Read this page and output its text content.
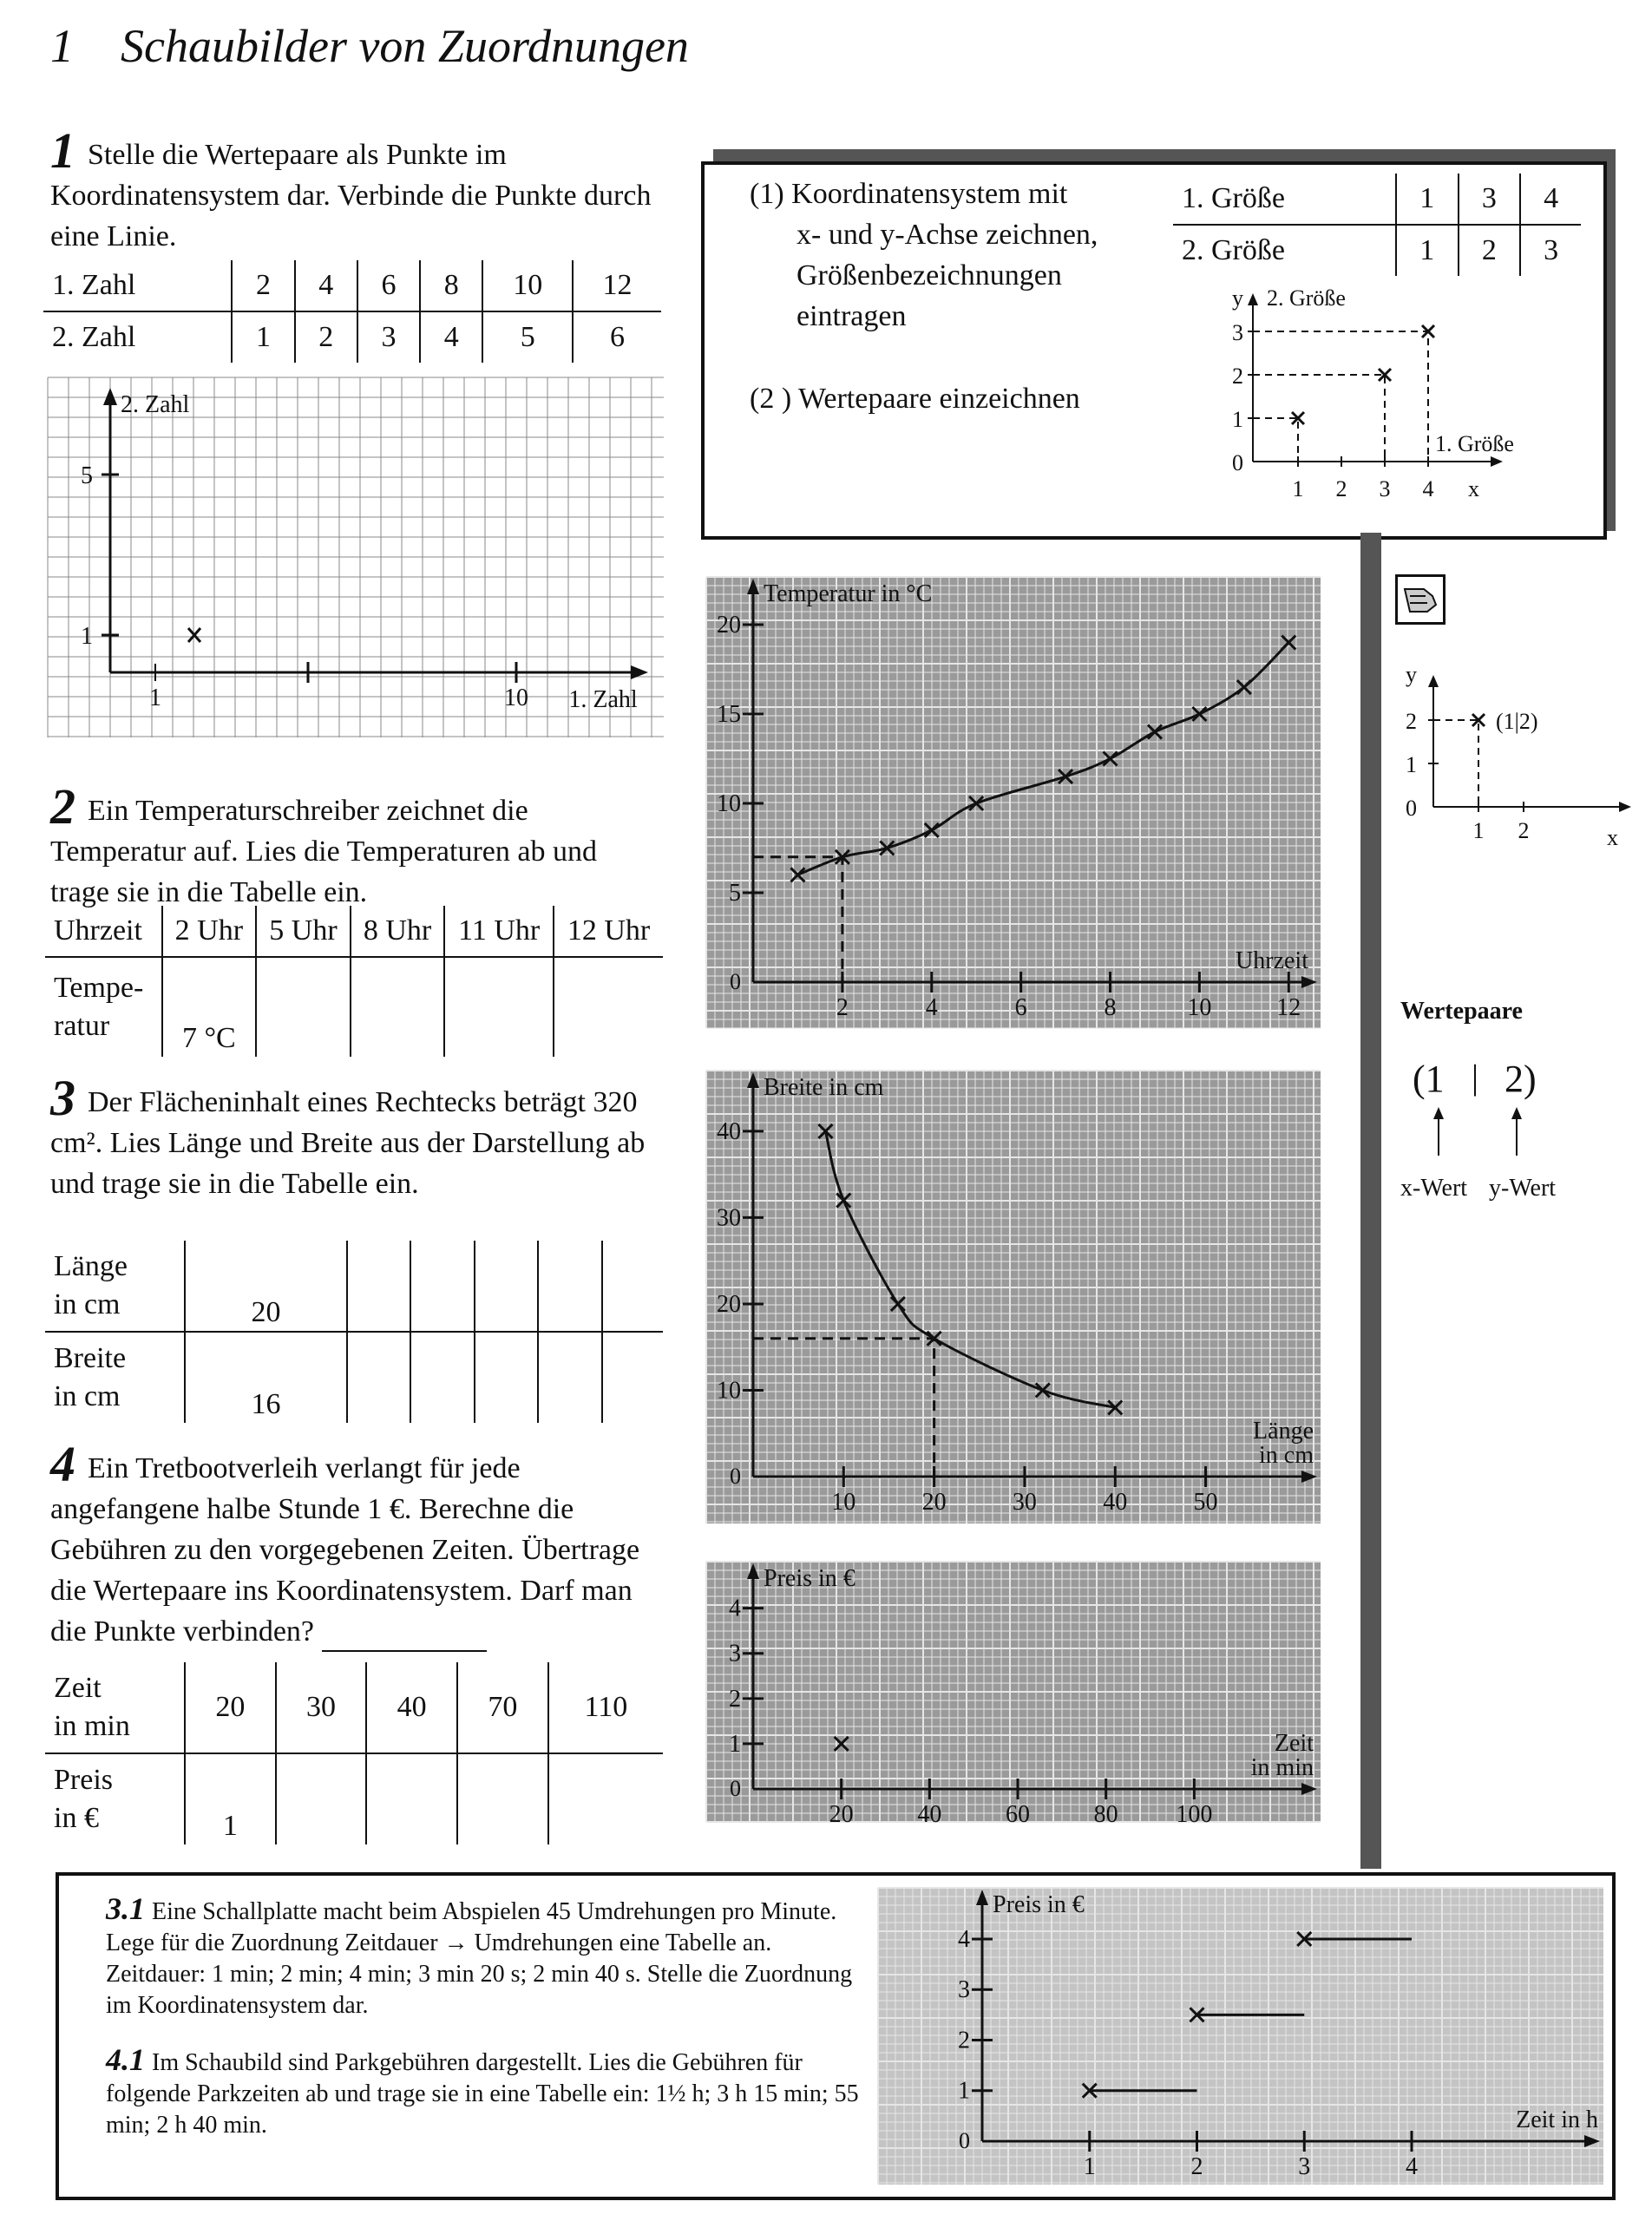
1 Schaubilder von Zuordnungen
1 Stelle die Wertepaare als Punkte im Koordinatensystem dar. Verbinde die Punkte durch eine Linie.
1. Zahl	2	4	6	8	10	12
2. Zahl	1	2	3	4	5	6
2. Zahl
1. Zahl
5
1
1	10
2 Ein Temperaturschreiber zeichnet die Temperatur auf. Lies die Temperaturen ab und trage sie in die Tabelle ein.
Uhrzeit	2 Uhr	5 Uhr	8 Uhr	11 Uhr	12 Uhr
Tempe-
ratur	7 °C				
3 Der Flächeninhalt eines Rechtecks beträgt 320 cm². Lies Länge und Breite aus der Darstellung ab und trage sie in die Tabelle ein.
Länge
in cm	20					
Breite
in cm	16					
4 Ein Tretbootverleih verlangt für jede angefangene halbe Stunde 1 €. Berechne die Gebühren zu den vorgegebenen Zeiten. Übertrage die Wertepaare ins Koordinatensystem. Darf man die Punkte verbinden?
Zeit
in min	20	30	40	70	110
Preis
in €	1				
(1) Koordinatensystem mit
x- und y-Achse zeichnen,
Größenbezeichnungen
eintragen
(2 ) Wertepaare einzeichnen
1. Größe	1	3	4
2. Größe	1	2	3
y 2. Größe
x
1. Größe
0
1
2
3
1 2 3 4
y
x
0
1
2
1 2
(1|2)
Wertepaare
(1 | 2)
x-Wert y-Wert
0
2	4	6	8	10	12
5
10
15
20
Temperatur in °C
Uhrzeit
0
10	20	30	40	50
10
20
30
40
Breite in cm
Länge
in cm
0
20	40	60	80 100
1
2
3
4
Preis in €
Zeit
in min
3.1 Eine Schallplatte macht beim Abspielen 45 Umdrehungen pro Minute. Lege für die Zuordnung Zeitdauer → Umdrehungen eine Tabelle an. Zeitdauer: 1 min; 2 min; 4 min; 3 min 20 s; 2 min 40 s. Stelle die Zuordnung im Koordinatensystem dar.
4.1 Im Schaubild sind Parkgebühren dargestellt. Lies die Gebühren für folgende Parkzeiten ab und trage sie in eine Tabelle ein: 1½ h; 3 h 15 min; 55 min; 2 h 40 min.
0
1	2	3	4
1
2
3
4
Preis in €
Zeit in h
